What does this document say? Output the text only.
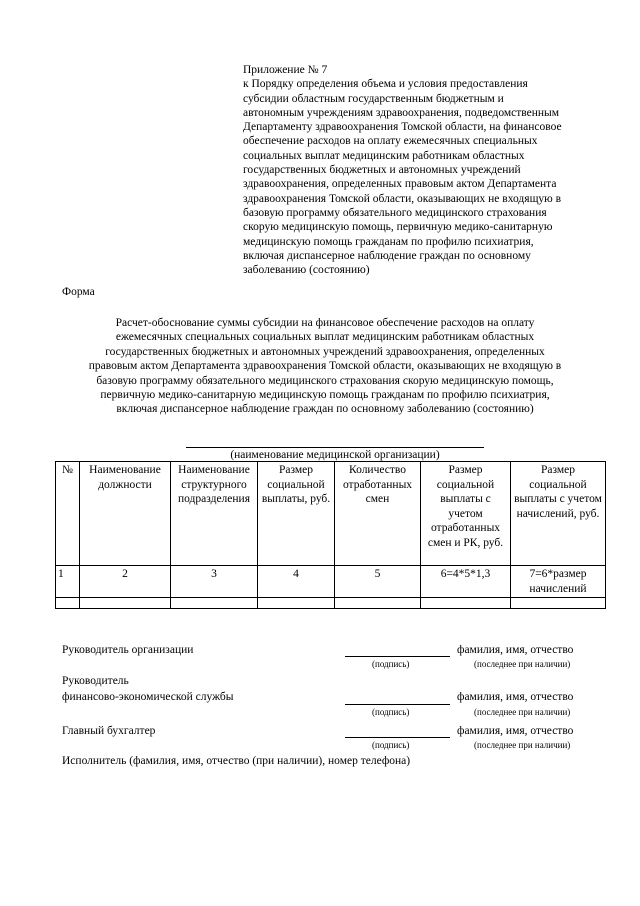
Приложение № 7
к Порядку определения объема и условия предоставления
субсидии областным государственным бюджетным и
автономным учреждениям здравоохранения, подведомственным
Департаменту здравоохранения Томской области, на финансовое
обеспечение расходов на оплату ежемесячных специальных
социальных выплат медицинским работникам областных
государственных бюджетных и автономных учреждений
здравоохранения, определенных правовым актом Департамента
здравоохранения Томской области, оказывающих не входящую в
базовую программу обязательного медицинского страхования
скорую медицинскую помощь, первичную медико-санитарную
медицинскую помощь гражданам по профилю психиатрия,
включая диспансерное наблюдение граждан по основному
заболеванию (состоянию)
Форма
Расчет-обоснование суммы субсидии на финансовое обеспечение расходов на оплату
ежемесячных специальных социальных выплат медицинским работникам областных
государственных бюджетных и автономных учреждений здравоохранения, определенных
правовым актом Департамента здравоохранения Томской области, оказывающих не входящую в
базовую программу обязательного медицинского страхования скорую медицинскую помощь,
первичную медико-санитарную медицинскую помощь гражданам по профилю психиатрия,
включая диспансерное наблюдение граждан по основному заболеванию (состоянию)
(наименование медицинской организации)
№	Наименование должности	Наименование структурного подразделения	Размер социальной выплаты, руб.	Количество отработанных смен	Размер социальной выплаты с учетом отработанных смен и РК, руб.	Размер социальной выплаты с учетом начислений, руб.
1	2	3	4	5	6=4*5*1,3	7=6*размер начислений

Руководитель организации	фамилия, имя, отчество
(подпись)	(последнее при наличии)
Руководитель
финансово-экономической службы	фамилия, имя, отчество
(подпись)	(последнее при наличии)
Главный бухгалтер	фамилия, имя, отчество
(подпись)	(последнее при наличии)
Исполнитель (фамилия, имя, отчество (при наличии), номер телефона)
